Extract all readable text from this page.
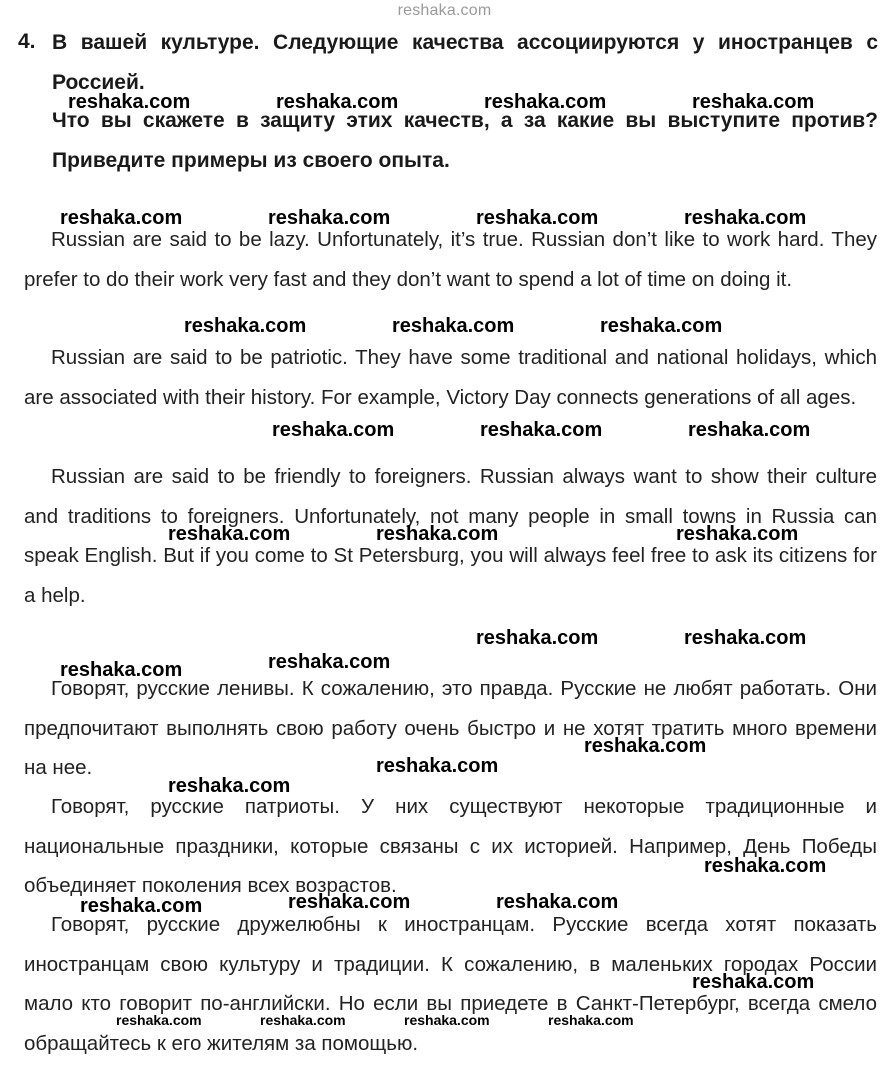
reshaka.com
4. В вашей культуре. Следующие качества ассоциируются у иностранцев с Россией.
Что вы скажете в защиту этих качеств, а за какие вы выступите против? Приведите примеры из своего опыта.

Russian are said to be lazy. Unfortunately, it’s true. Russian don’t like to work hard. They prefer to do their work very fast and they don’t want to spend a lot of time on doing it.

Russian are said to be patriotic. They have some traditional and national holidays, which are associated with their history. For example, Victory Day connects generations of all ages.

Russian are said to be friendly to foreigners. Russian always want to show their culture and traditions to foreigners. Unfortunately, not many people in small towns in Russia can speak English. But if you come to St Petersburg, you will always feel free to ask its citizens for a help.

Говорят, русские ленивы. К сожалению, это правда. Русские не любят работать. Они предпочитают выполнять свою работу очень быстро и не хотят тратить много времени на нее.

Говорят, русские патриоты. У них существуют некоторые традиционные и национальные праздники, которые связаны с их историей. Например, День Победы объединяет поколения всех возрастов.

Говорят, русские дружелюбны к иностранцам. Русские всегда хотят показать иностранцам свою культуру и традиции. К сожалению, в маленьких городах России мало кто говорит по-английски. Но если вы приедете в Санкт-Петербург, всегда смело обращайтесь к его жителям за помощью.

reshaka.com	reshaka.com	reshaka.com	reshaka.com
reshaka.com	reshaka.com	reshaka.com	reshaka.com
reshaka.com	reshaka.com	reshaka.com
reshaka.com	reshaka.com	reshaka.com
reshaka.com	reshaka.com	reshaka.com
reshaka.com	reshaka.com
reshaka.com
reshaka.com
reshaka.com
reshaka.com
reshaka.com
reshaka.com
reshaka.com	reshaka.com
reshaka.com
reshaka.com
reshaka.com	reshaka.com	reshaka.com	reshaka.com
